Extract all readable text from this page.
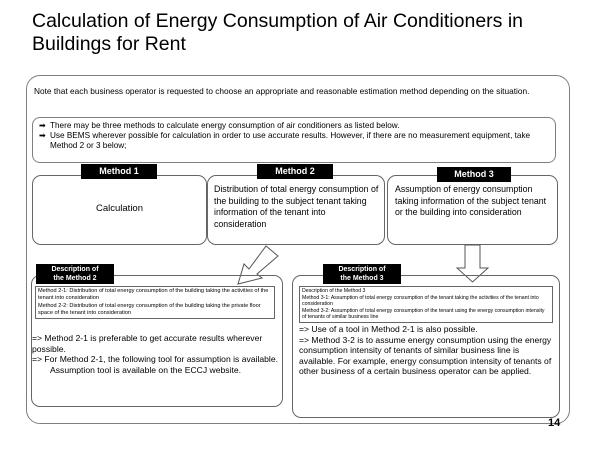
Calculation of Energy Consumption of Air Conditioners in Buildings for Rent
Note that each business operator is requested to choose an appropriate and reasonable estimation method depending on the situation.
➡ There may be three methods to calculate energy consumption of air conditioners as listed below.
➡ Use BEMS wherever possible for calculation in order to use accurate results. However, if there are no measurement equipment, take Method 2 or 3 below;
Method 1
Calculation
Method 2
Distribution of total energy consumption of the building to the subject tenant taking information of the tenant into consideration
Method 3
Assumption of energy consumption taking information of the subject tenant or the building into consideration
Description of
the Method 2
Method 2-1: Distribution of total energy consumption of the building taking the activities of the tenant into consideration
Method 2-2: Distribution of total energy consumption of the building taking the private floor space of the tenant into consideration
=> Method 2-1 is preferable to get accurate results wherever possible.
=> For Method 2-1, the following tool for assumption is available.
Assumption tool is available on the ECCJ website.
Description of
the Method 3
Description of the Method 3
Method 3-1: Assumption of total energy consumption of the tenant taking the activities of the tenant into consideration
Method 3-2: Assumption of total energy consumption of the tenant using the energy consumption intensity of tenants of similar business line
=> Use of a tool in Method 2-1 is also possible.
=> Method 3-2 is to assume energy consumption using the energy consumption intensity of tenants of similar business line is available. For example, energy consumption intensity of tenants of other business of a certain business operator can be applied.
14
